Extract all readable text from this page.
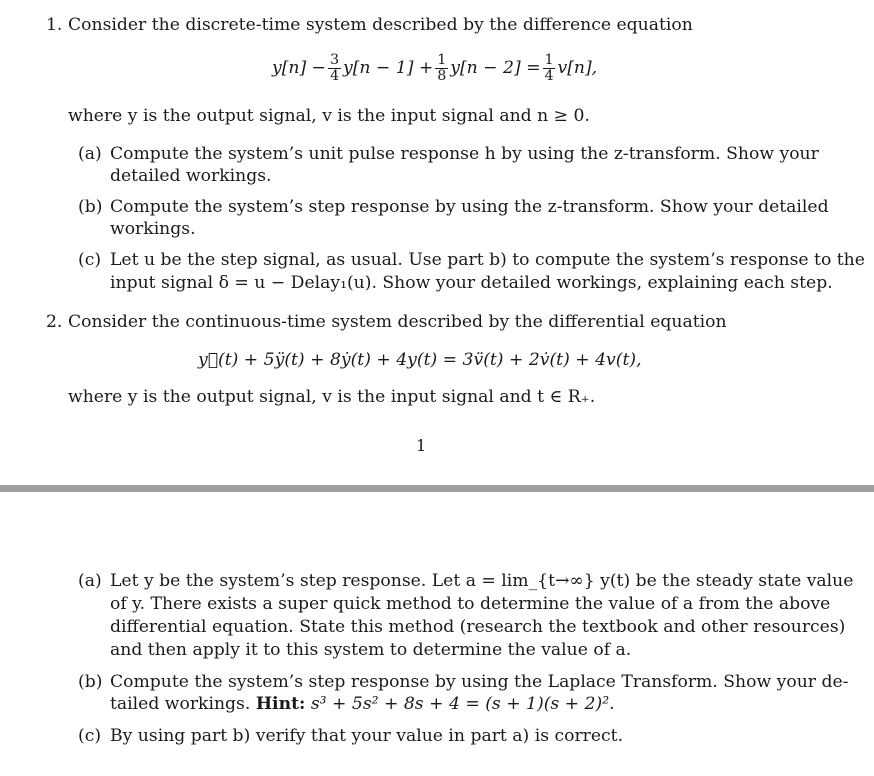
1. Consider the discrete-time system described by the difference equation
$y[n] - \frac{3}{4} y[n - 1] + \frac{1}{8} y[n - 2] = \frac{1}{4} v[n]$,
where y is the output signal, v is the input signal and n ≥ 0.
(a) Compute the system’s unit pulse response h by using the z-transform. Show your
detailed workings.
(b) Compute the system’s step response by using the z-transform. Show your detailed
workings.
(c) Let u be the step signal, as usual. Use part b) to compute the system’s response to the
input signal δ = u − Delay₁(u). Show your detailed workings, explaining each step.
2. Consider the continuous-time system described by the differential equation
y⃛(t) + 5ÿ(t) + 8ẏ(t) + 4y(t) = 3v̈(t) + 2v̇(t) + 4v(t),
where y is the output signal, v is the input signal and t ∈ R₊.
1
(a) Let y be the system’s step response. Let a = lim_{t→∞} y(t) be the steady state value
of y. There exists a super quick method to determine the value of a from the above
differential equation. State this method (research the textbook and other resources)
and then apply it to this system to determine the value of a.
(b) Compute the system’s step response by using the Laplace Transform. Show your de-
tailed workings. Hint: s³ + 5s² + 8s + 4 = (s + 1)(s + 2)².
(c) By using part b) verify that your value in part a) is correct.
